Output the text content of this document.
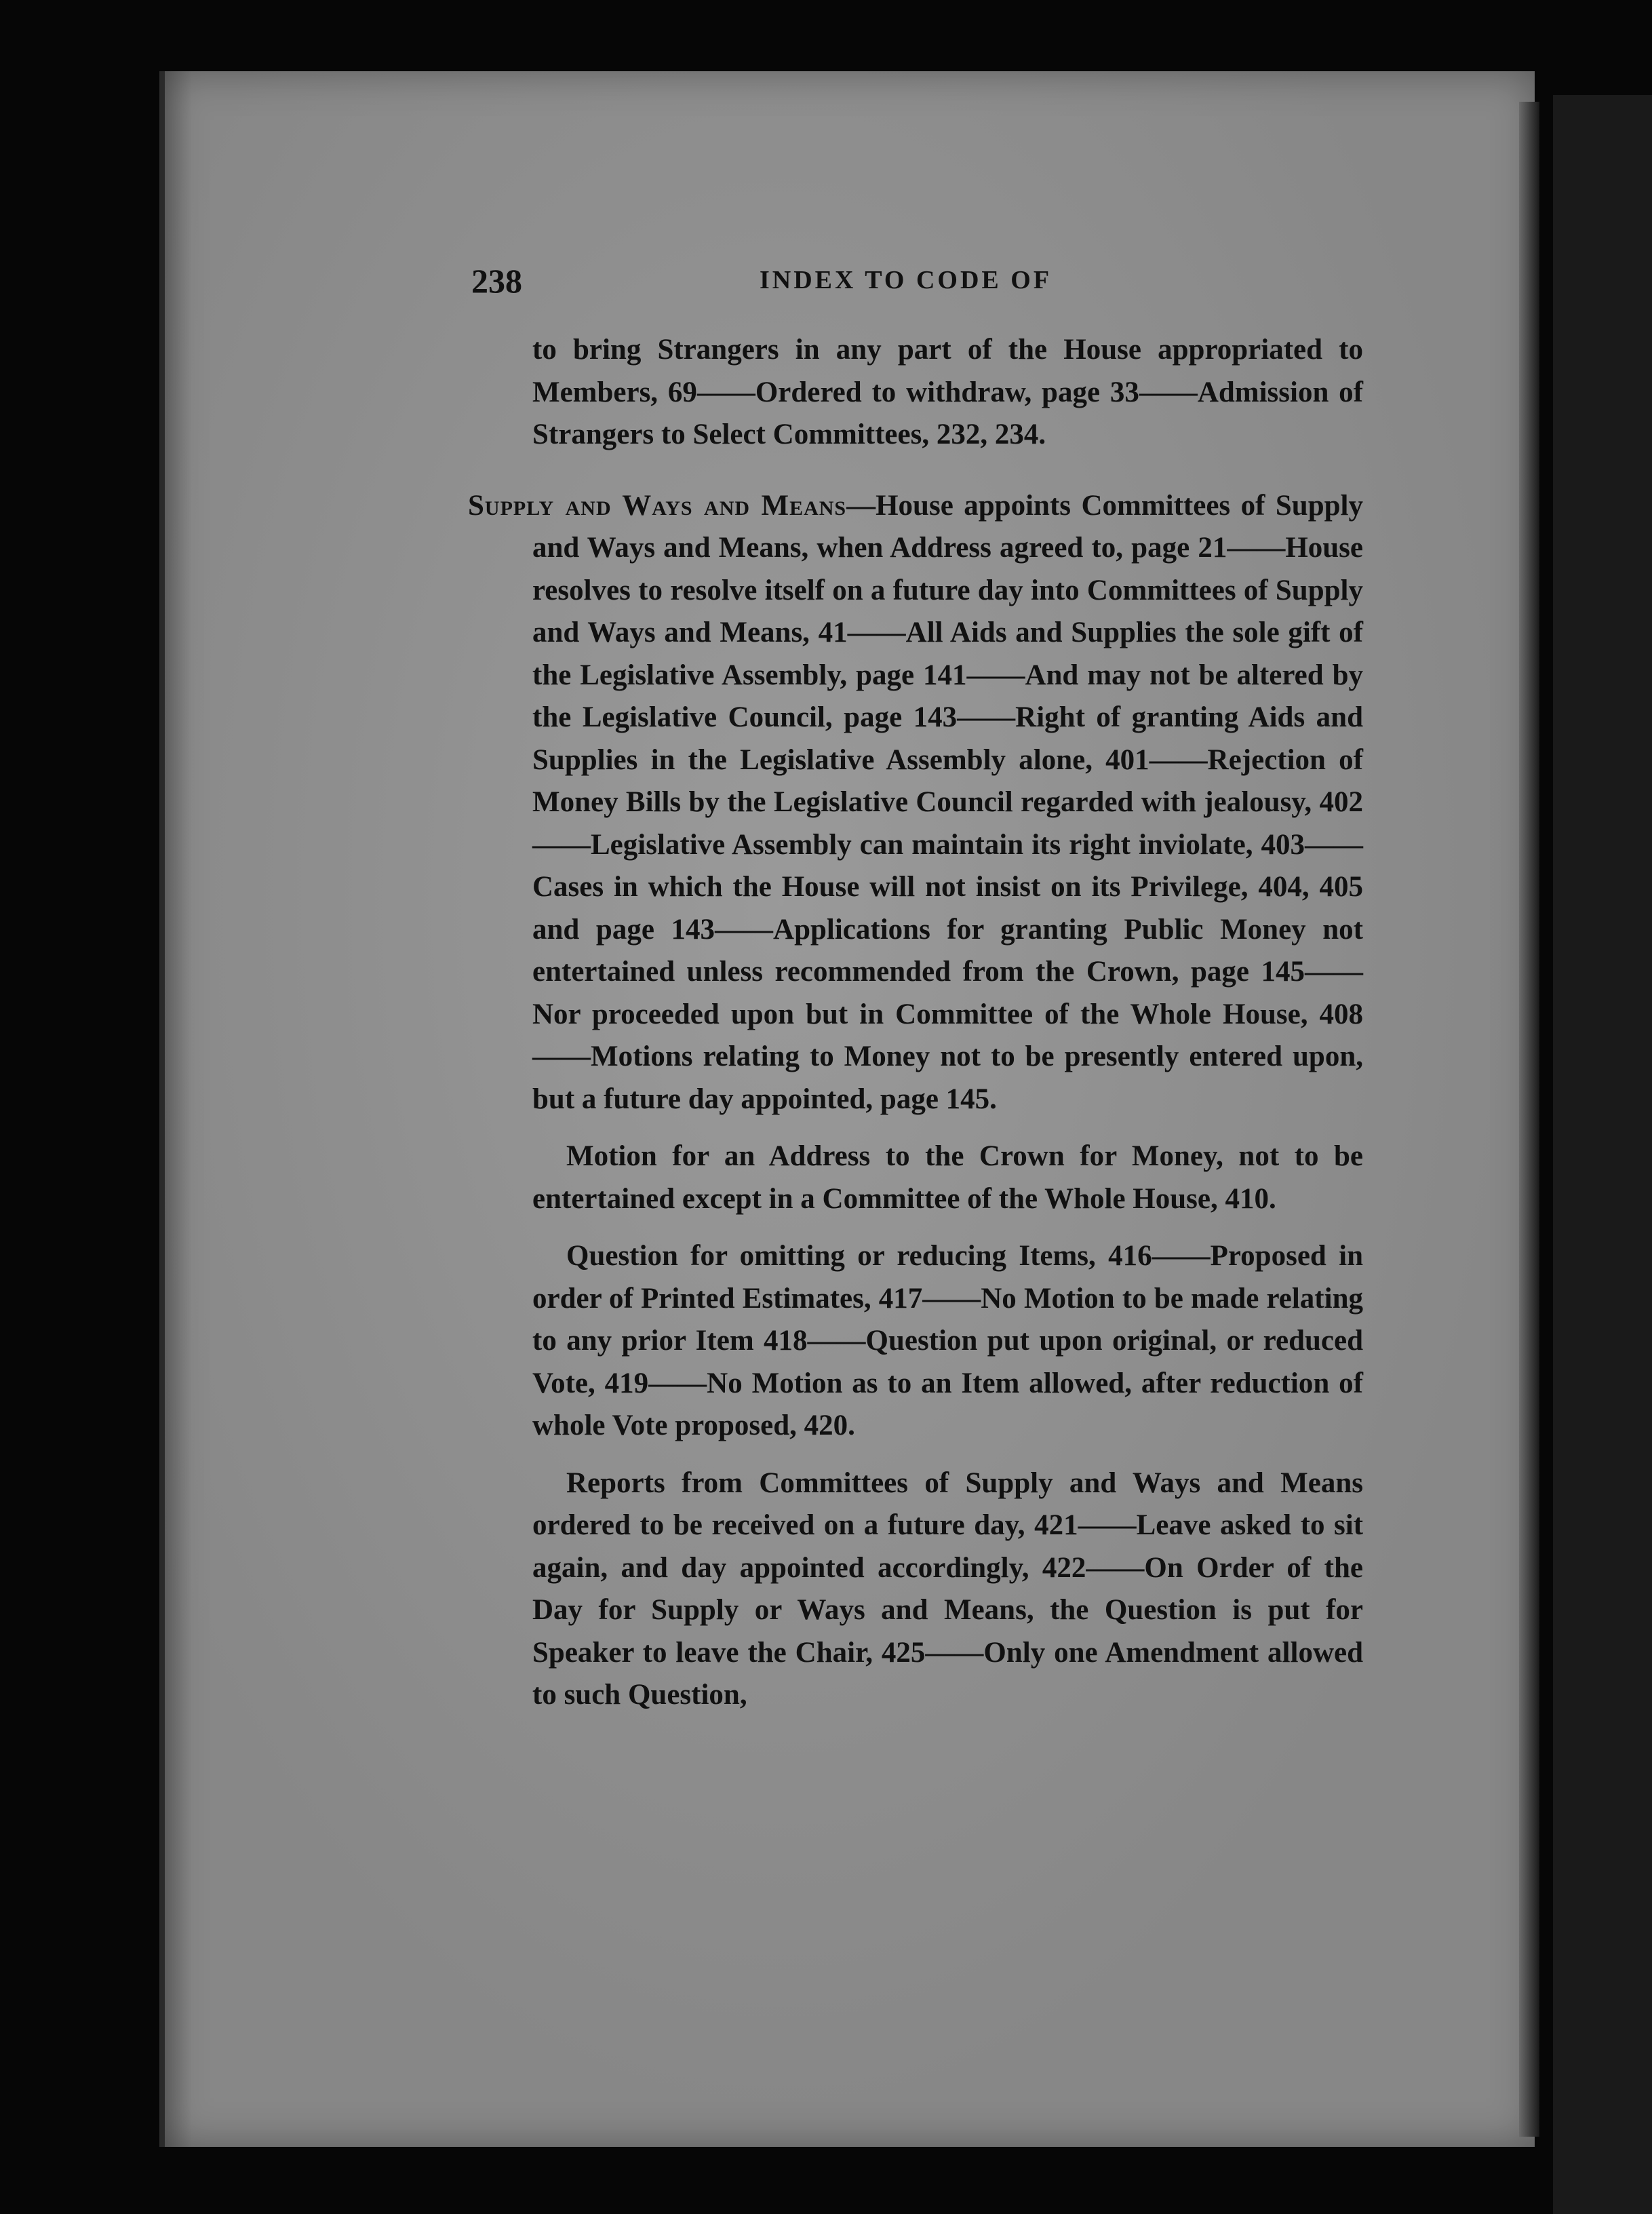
238	INDEX TO CODE OF

to bring Strangers in any part of the House appropriated to Members, 69——Ordered to withdraw, page 33——Admission of Strangers to Select Committees, 232, 234.

Supply and Ways and Means—House appoints Committees of Supply and Ways and Means, when Address agreed to, page 21——House resolves to resolve itself on a future day into Committees of Supply and Ways and Means, 41——All Aids and Supplies the sole gift of the Legislative Assembly, page 141——And may not be altered by the Legislative Council, page 143——Right of granting Aids and Supplies in the Legislative Assembly alone, 401——Rejection of Money Bills by the Legislative Council regarded with jealousy, 402——Legislative Assembly can maintain its right inviolate, 403——Cases in which the House will not insist on its Privilege, 404, 405 and page 143——Applications for granting Public Money not entertained unless recommended from the Crown, page 145——Nor proceeded upon but in Committee of the Whole House, 408——Motions relating to Money not to be presently entered upon, but a future day appointed, page 145.

Motion for an Address to the Crown for Money, not to be entertained except in a Committee of the Whole House, 410.

Question for omitting or reducing Items, 416——Proposed in order of Printed Estimates, 417——No Motion to be made relating to any prior Item 418——Question put upon original, or reduced Vote, 419——No Motion as to an Item allowed, after reduction of whole Vote proposed, 420.

Reports from Committees of Supply and Ways and Means ordered to be received on a future day, 421——Leave asked to sit again, and day appointed accordingly, 422——On Order of the Day for Supply or Ways and Means, the Question is put for Speaker to leave the Chair, 425——Only one Amendment allowed to such Question,
